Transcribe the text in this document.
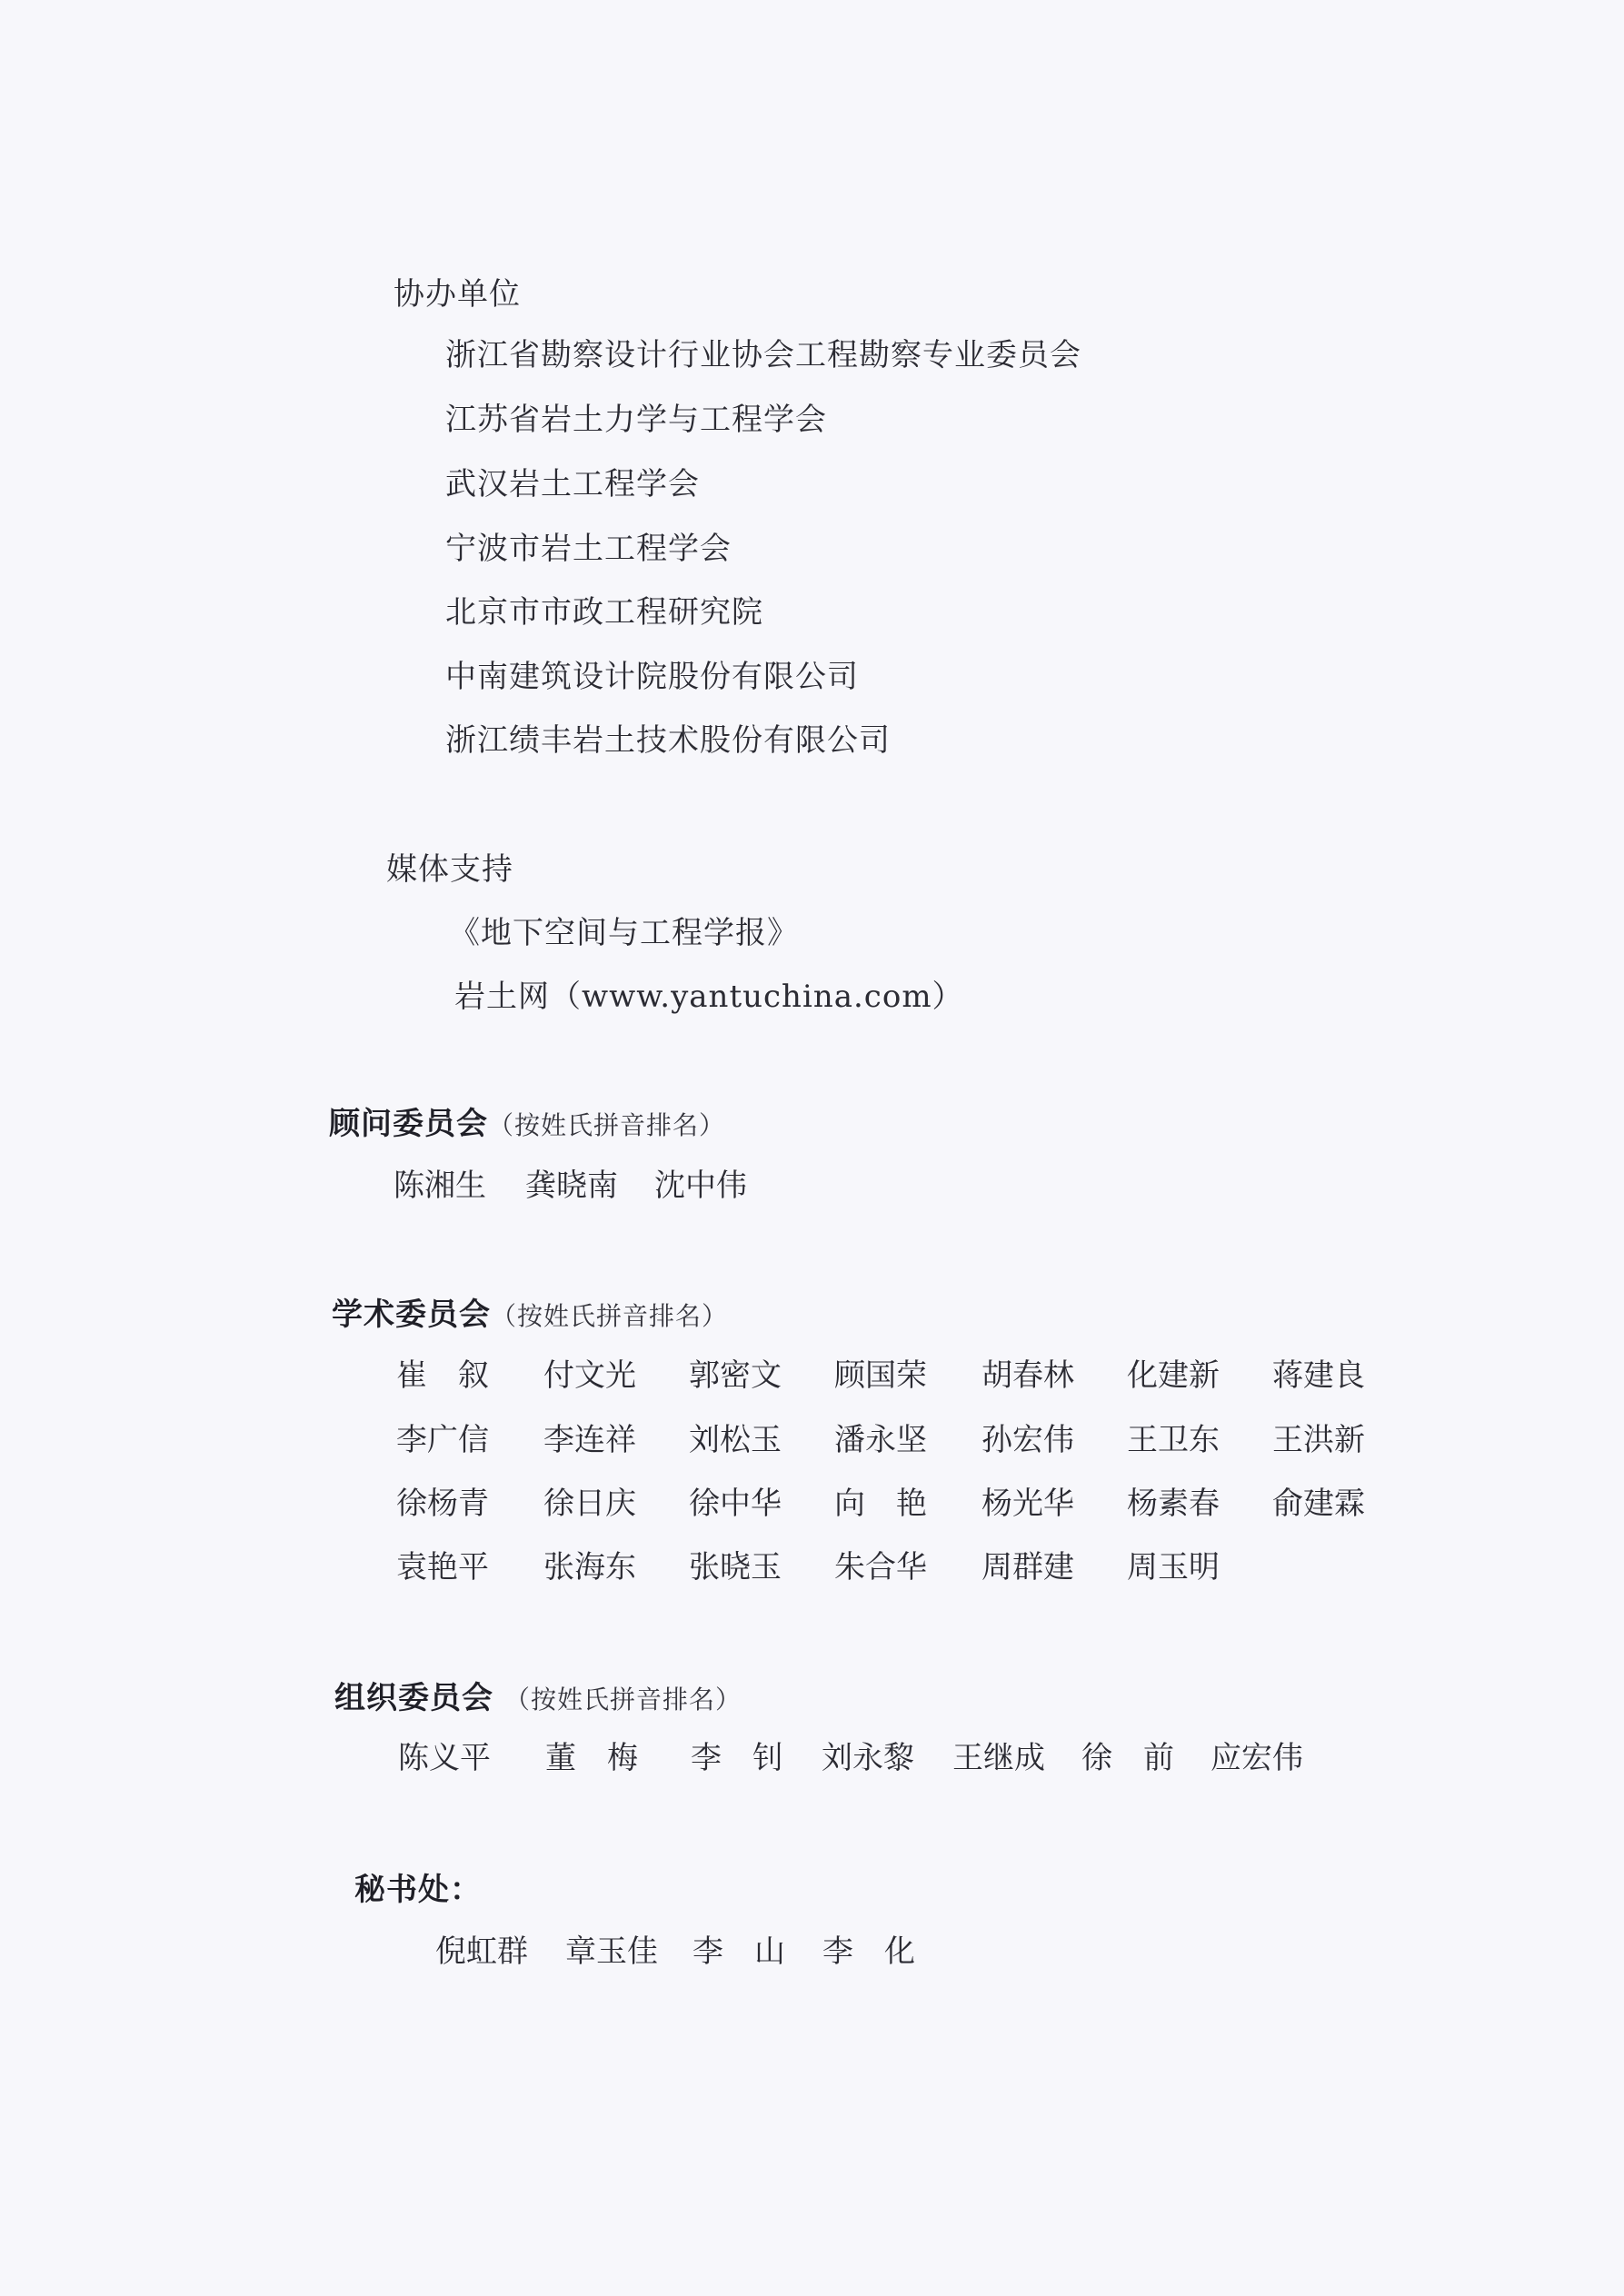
协办单位
浙江省勘察设计行业协会工程勘察专业委员会
江苏省岩土力学与工程学会
武汉岩土工程学会
宁波市岩土工程学会
北京市市政工程研究院
中南建筑设计院股份有限公司
浙江绩丰岩土技术股份有限公司
媒体支持
《地下空间与工程学报》
岩土网（www.yantuchina.com）
顾问委员会（按姓氏拼音排名）
陈湘生 龚晓南 沈中伟
学术委员会（按姓氏拼音排名）
崔　叙 付文光 郭密文 顾国荣 胡春林 化建新 蒋建良
李广信 李连祥 刘松玉 潘永坚 孙宏伟 王卫东 王洪新
徐杨青 徐日庆 徐中华 向　艳 杨光华 杨素春 俞建霖
袁艳平 张海东 张晓玉 朱合华 周群建 周玉明
组织委员会 （按姓氏拼音排名）
陈义平 董　梅 李　钊 刘永黎 王继成 徐　前 应宏伟
秘书处：
倪虹群 章玉佳 李　山 李　化
